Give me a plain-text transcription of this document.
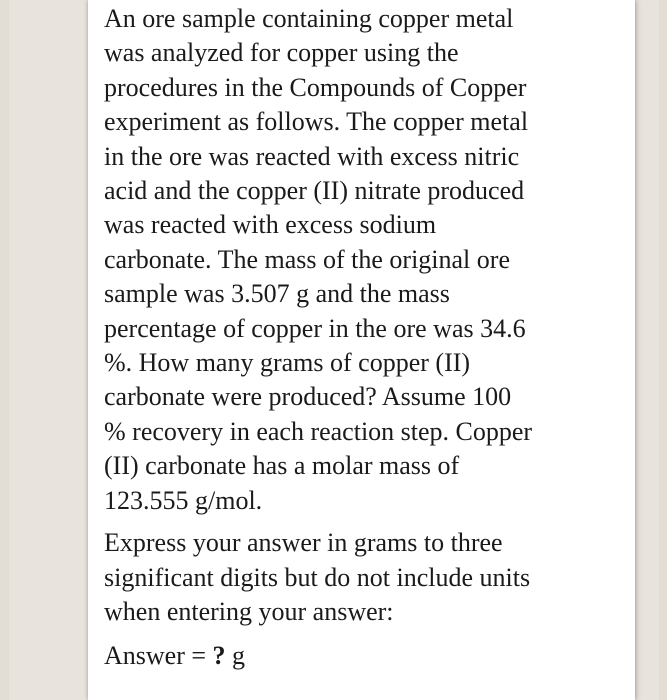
An ore sample containing copper metal
was analyzed for copper using the
procedures in the Compounds of Copper
experiment as follows. The copper metal
in the ore was reacted with excess nitric
acid and the copper (II) nitrate produced
was reacted with excess sodium
carbonate. The mass of the original ore
sample was 3.507 g and the mass
percentage of copper in the ore was 34.6
%. How many grams of copper (II)
carbonate were produced? Assume 100
% recovery in each reaction step. Copper
(II) carbonate has a molar mass of
123.555 g/mol.

Express your answer in grams to three
significant digits but do not include units
when entering your answer:

Answer = ? g
